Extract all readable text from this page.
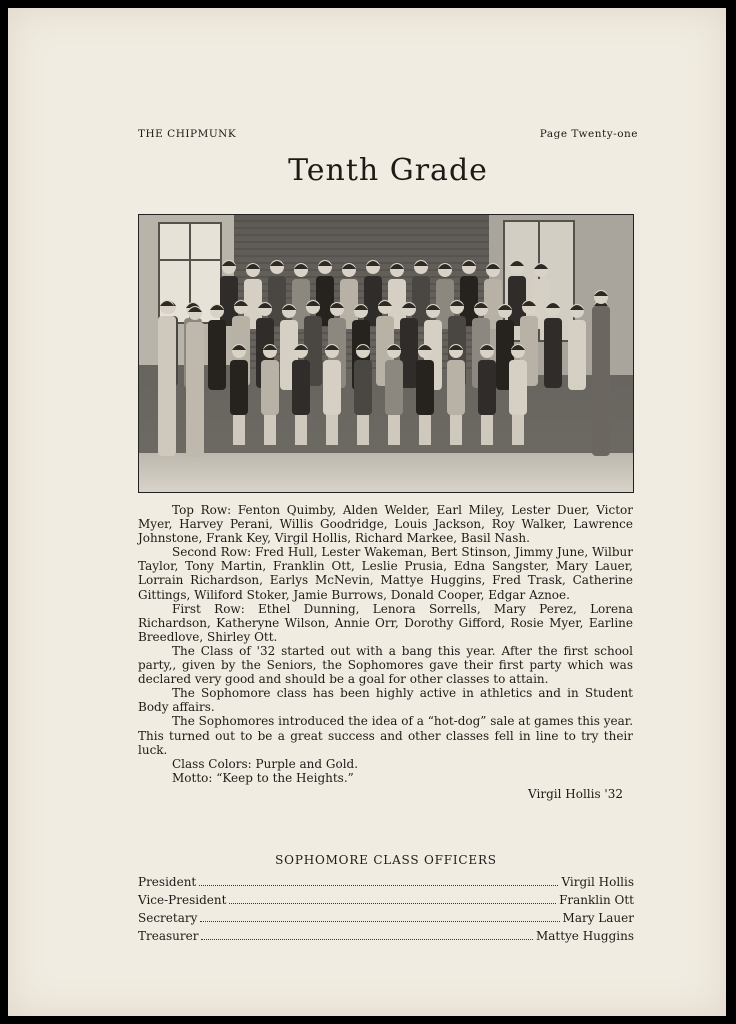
THE CHIPMUNK	Page Twenty-one
Tenth Grade

Top Row: Fenton Quimby, Alden Welder, Earl Miley, Lester Duer, Victor Myer, Harvey Perani, Willis Goodridge, Louis Jackson, Roy Walker, Lawrence Johnstone, Frank Key, Virgil Hollis, Richard Markee, Basil Nash.

Second Row: Fred Hull, Lester Wakeman, Bert Stinson, Jimmy June, Wilbur Taylor, Tony Martin, Franklin Ott, Leslie Prusia, Edna Sangster, Mary Lauer, Lorrain Richardson, Earlys McNevin, Mattye Huggins, Fred Trask, Catherine Gittings, Wiliford Stoker, Jamie Burrows, Donald Cooper, Edgar Aznoe.

First Row: Ethel Dunning, Lenora Sorrells, Mary Perez, Lorena Richardson, Katheryne Wilson, Annie Orr, Dorothy Gifford, Rosie Myer, Earline Breedlove, Shirley Ott.

The Class of '32 started out with a bang this year. After the first school party,, given by the Seniors, the Sophomores gave their first party which was declared very good and should be a goal for other classes to attain.

The Sophomore class has been highly active in athletics and in Student Body affairs.

The Sophomores introduced the idea of a “hot-dog” sale at games this year. This turned out to be a great success and other classes fell in line to try their luck.

Class Colors: Purple and Gold.

Motto: “Keep to the Heights.”

Virgil Hollis '32
SOPHOMORE CLASS OFFICERS
President	Virgil Hollis
Vice-President	Franklin Ott
Secretary	Mary Lauer
Treasurer	Mattye Huggins
